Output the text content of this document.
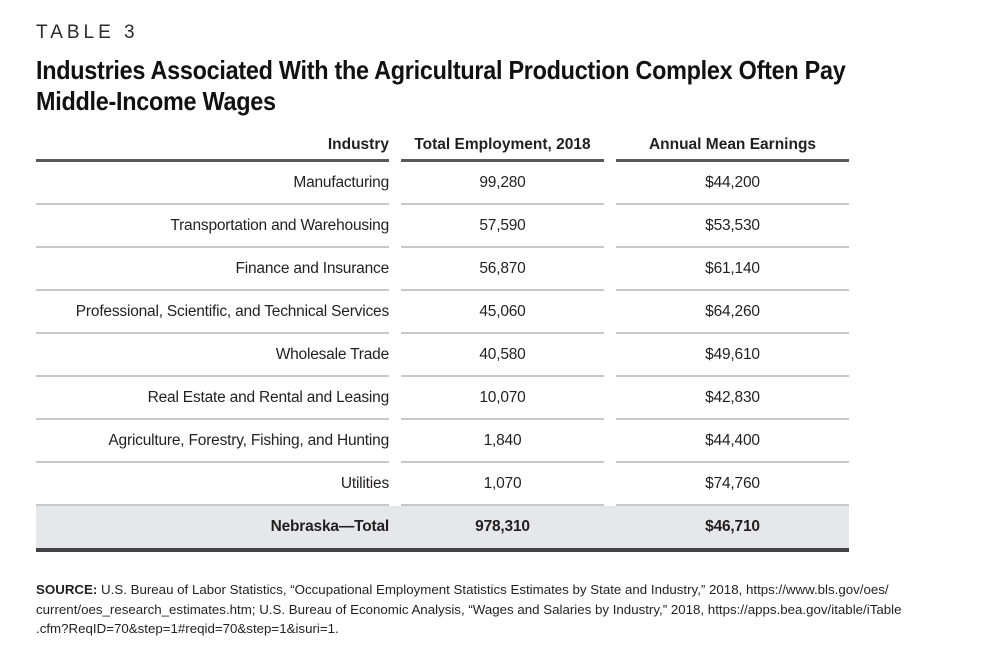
TABLE 3
Industries Associated With the Agricultural Production Complex Often Pay
Middle-Income Wages
Industry	Total Employment, 2018	Annual Mean Earnings
Manufacturing	99,280	$44,200
Transportation and Warehousing	57,590	$53,530
Finance and Insurance	56,870	$61,140
Professional, Scientific, and Technical Services	45,060	$64,260
Wholesale Trade	40,580	$49,610
Real Estate and Rental and Leasing	10,070	$42,830
Agriculture, Forestry, Fishing, and Hunting	1,840	$44,400
Utilities	1,070	$74,760
Nebraska—Total	978,310	$46,710
SOURCE: U.S. Bureau of Labor Statistics, “Occupational Employment Statistics Estimates by State and Industry,” 2018, https://www.bls.gov/oes/
current/oes_research_estimates.htm; U.S. Bureau of Economic Analysis, “Wages and Salaries by Industry,” 2018, https://apps.bea.gov/itable/iTable
.cfm?ReqID=70&step=1#reqid=70&step=1&isuri=1.
